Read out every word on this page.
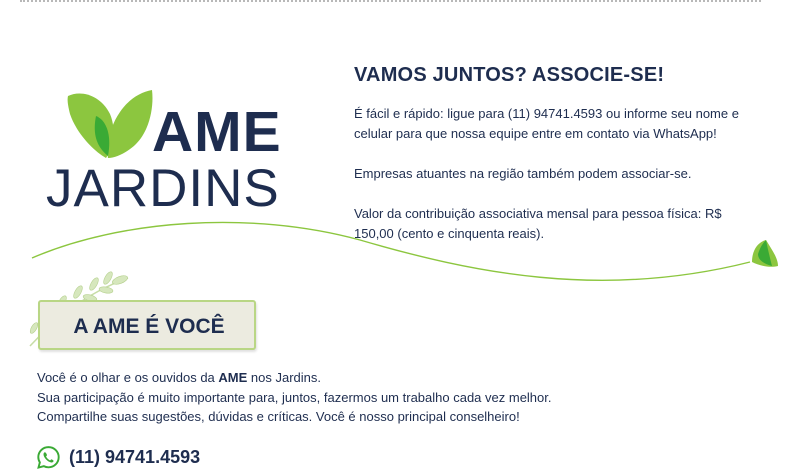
AME
JARDINS
VAMOS JUNTOS? ASSOCIE-SE!

É fácil e rápido: ligue para (11) 94741.4593 ou informe seu nome e celular para que nossa equipe entre em contato via WhatsApp!

Empresas atuantes na região também podem associar-se.

Valor da contribuição associativa mensal para pessoa física: R$ 150,00 (cento e cinquenta reais).

A AME É VOCÊ
Você é o olhar e os ouvidos da AME nos Jardins.
Sua participação é muito importante para, juntos, fazermos um trabalho cada vez melhor.
Compartilhe suas sugestões, dúvidas e críticas. Você é nosso principal conselheiro!
(11) 94741.4593
